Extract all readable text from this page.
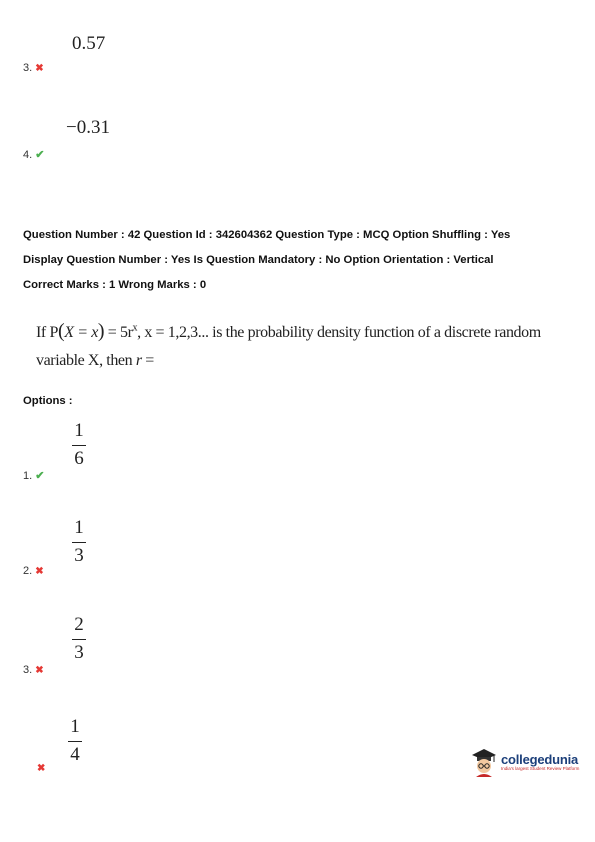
0.57
3. ✖
−0.31
4. ✔
Question Number : 42 Question Id : 342604362 Question Type : MCQ Option Shuffling : Yes
Display Question Number : Yes Is Question Mandatory : No Option Orientation : Vertical
Correct Marks : 1 Wrong Marks : 0
If $P(X = x) = 5r^x$, x = 1,2,3... is the probability density function of a discrete random
variable X, then r =
Options :
1
6
1. ✔
1
3
2. ✖
2
3
3. ✖
1
4
✖
collegedunia
India's largest Student Review Platform
